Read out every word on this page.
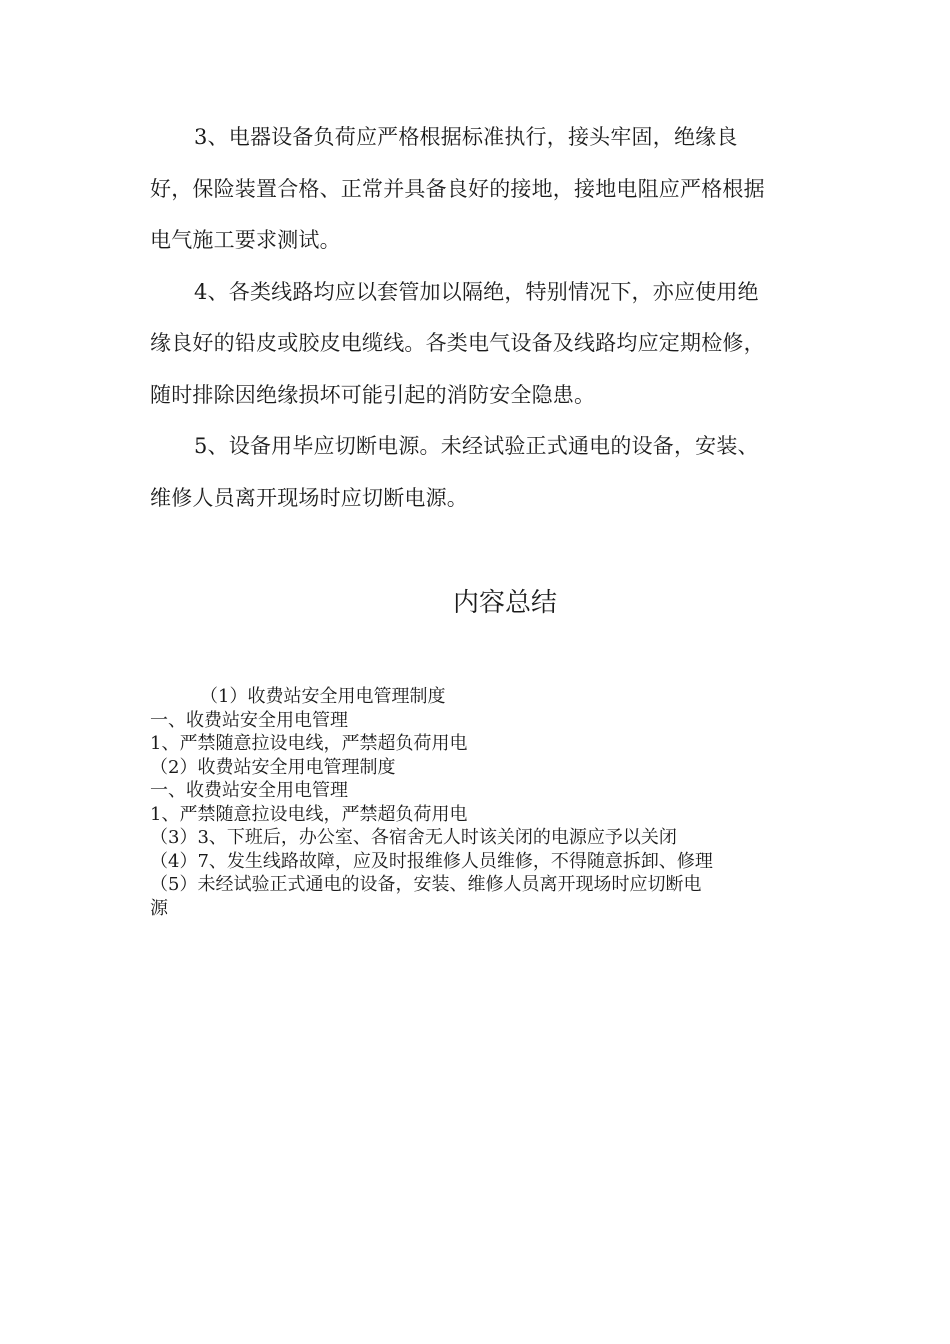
3、电器设备负荷应严格根据标准执行，接头牢固，绝缘良
好，保险装置合格、正常并具备良好的接地，接地电阻应严格根据
电气施工要求测试。

4、各类线路均应以套管加以隔绝，特别情况下，亦应使用绝
缘良好的铅皮或胶皮电缆线。各类电气设备及线路均应定期检修，
随时排除因绝缘损坏可能引起的消防安全隐患。

5、设备用毕应切断电源。未经试验正式通电的设备，安装、
维修人员离开现场时应切断电源。

内容总结
（1）收费站安全用电管理制度
一、收费站安全用电管理
1、严禁随意拉设电线，严禁超负荷用电
（2）收费站安全用电管理制度
一、收费站安全用电管理
1、严禁随意拉设电线，严禁超负荷用电
（3）3、下班后，办公室、各宿舍无人时该关闭的电源应予以关闭
（4）7、发生线路故障，应及时报维修人员维修，不得随意拆卸、修理
（5）未经试验正式通电的设备，安装、维修人员离开现场时应切断电
源
